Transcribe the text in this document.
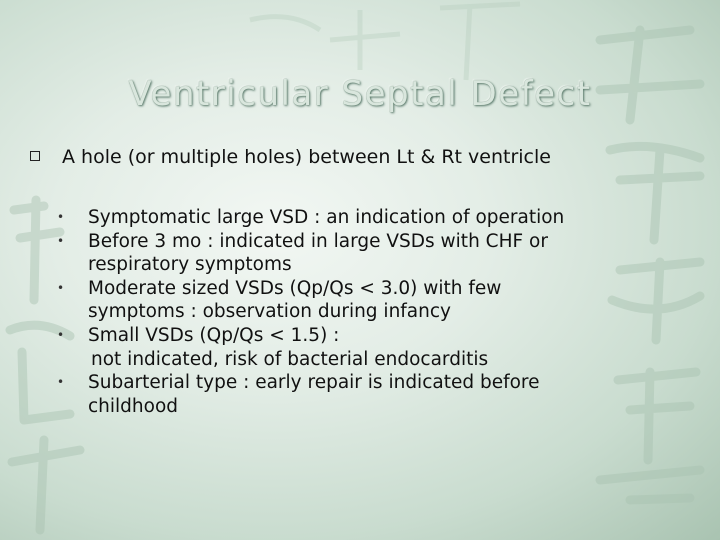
Ventricular Septal Defect
A hole (or multiple holes) between Lt & Rt ventricle
• Symptomatic large VSD : an indication of operation
• Before 3 mo : indicated in large VSDs with CHF or
respiratory symptoms
• Moderate sized VSDs (Qp/Qs < 3.0) with few
symptoms : observation during infancy
• Small VSDs (Qp/Qs < 1.5) :
not indicated, risk of bacterial endocarditis
• Subarterial type : early repair is indicated before
childhood
